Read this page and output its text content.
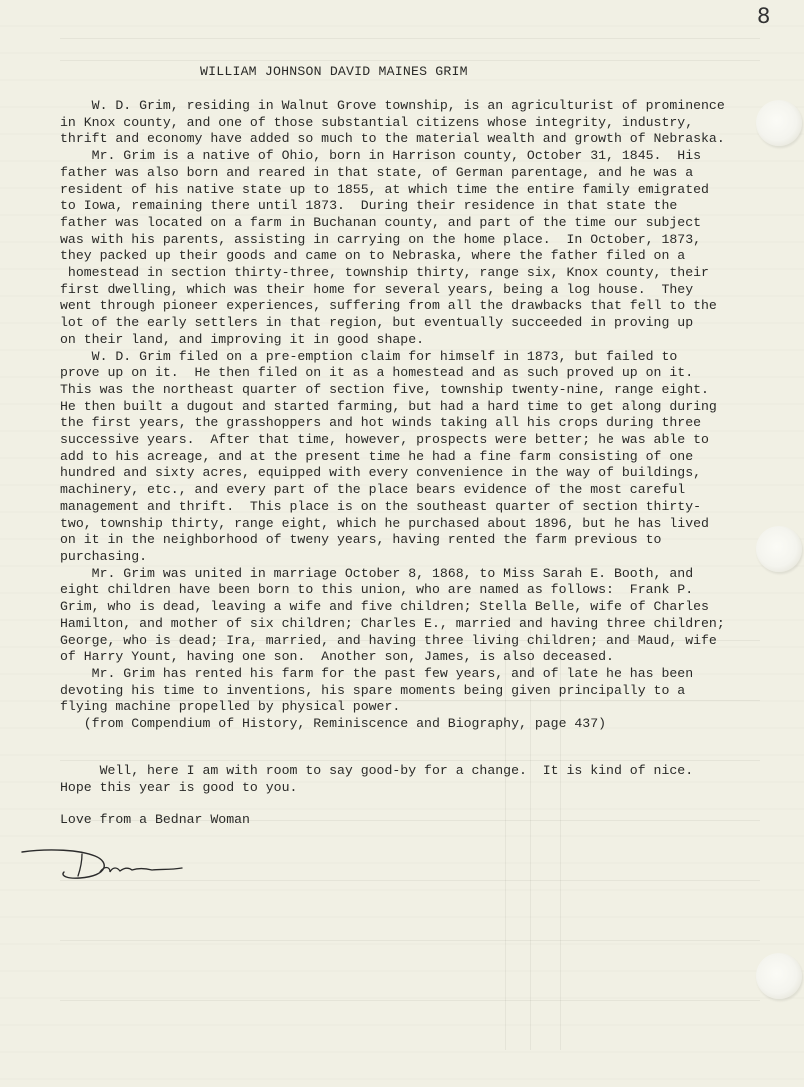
8
WILLIAM JOHNSON DAVID MAINES GRIM
W. D. Grim, residing in Walnut Grove township, is an agriculturist of prominence
in Knox county, and one of those substantial citizens whose integrity, industry,
thrift and economy have added so much to the material wealth and growth of Nebraska.
Mr. Grim is a native of Ohio, born in Harrison county, October 31, 1845.  His
father was also born and reared in that state, of German parentage, and he was a
resident of his native state up to 1855, at which time the entire family emigrated
to Iowa, remaining there until 1873.  During their residence in that state the
father was located on a farm in Buchanan county, and part of the time our subject
was with his parents, assisting in carrying on the home place.  In October, 1873,
they packed up their goods and came on to Nebraska, where the father filed on a
homestead in section thirty-three, township thirty, range six, Knox county, their
first dwelling, which was their home for several years, being a log house.  They
went through pioneer experiences, suffering from all the drawbacks that fell to the
lot of the early settlers in that region, but eventually succeeded in proving up
on their land, and improving it in good shape.
W. D. Grim filed on a pre-emption claim for himself in 1873, but failed to
prove up on it.  He then filed on it as a homestead and as such proved up on it.
This was the northeast quarter of section five, township twenty-nine, range eight.
He then built a dugout and started farming, but had a hard time to get along during
the first years, the grasshoppers and hot winds taking all his crops during three
successive years.  After that time, however, prospects were better; he was able to
add to his acreage, and at the present time he had a fine farm consisting of one
hundred and sixty acres, equipped with every convenience in the way of buildings,
machinery, etc., and every part of the place bears evidence of the most careful
management and thrift.  This place is on the southeast quarter of section thirty-
two, township thirty, range eight, which he purchased about 1896, but he has lived
on it in the neighborhood of tweny years, having rented the farm previous to
purchasing.
Mr. Grim was united in marriage October 8, 1868, to Miss Sarah E. Booth, and
eight children have been born to this union, who are named as follows:  Frank P.
Grim, who is dead, leaving a wife and five children; Stella Belle, wife of Charles
Hamilton, and mother of six children; Charles E., married and having three children;
George, who is dead; Ira, married, and having three living children; and Maud, wife
of Harry Yount, having one son.  Another son, James, is also deceased.
Mr. Grim has rented his farm for the past few years, and of late he has been
devoting his time to inventions, his spare moments being given principally to a
flying machine propelled by physical power.
(from Compendium of History, Reminiscence and Biography, page 437)
Well, here I am with room to say good-by for a change.  It is kind of nice.
Hope this year is good to you.
Love from a Bednar Woman
